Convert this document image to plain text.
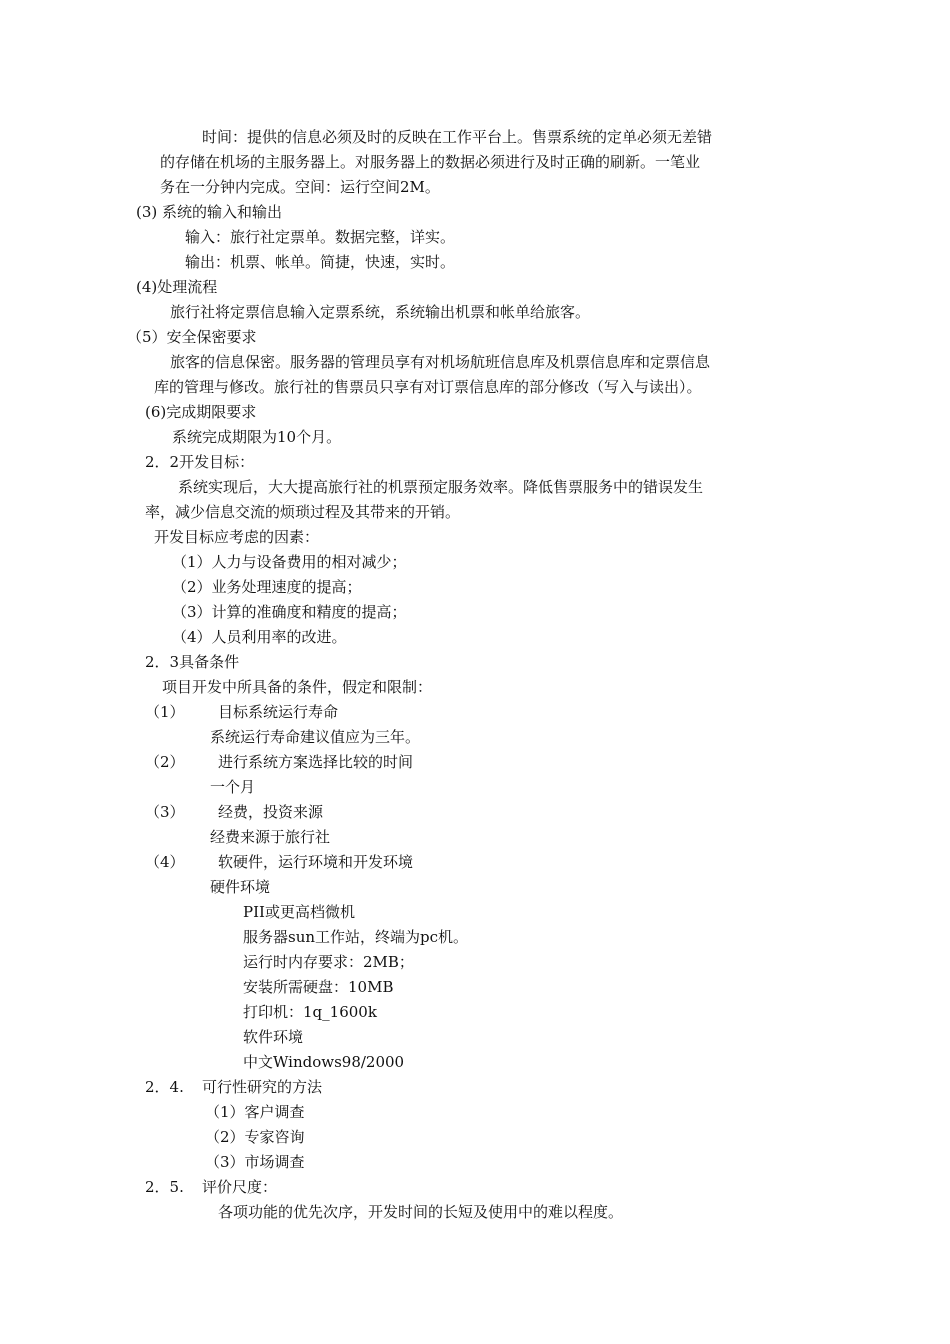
时间：提供的信息必须及时的反映在工作平台上。售票系统的定单必须无差错
的存储在机场的主服务器上。对服务器上的数据必须进行及时正确的刷新。一笔业
务在一分钟内完成。空间：运行空间2M。
(3) 系统的输入和输出
输入：旅行社定票单。数据完整，详实。
输出：机票、帐单。简捷，快速，实时。
(4)处理流程
旅行社将定票信息输入定票系统，系统输出机票和帐单给旅客。
（5）安全保密要求
旅客的信息保密。服务器的管理员享有对机场航班信息库及机票信息库和定票信息
库的管理与修改。旅行社的售票员只享有对订票信息库的部分修改（写入与读出）。
(6)完成期限要求
系统完成期限为10个月。
2．2开发目标：
系统实现后，大大提高旅行社的机票预定服务效率。降低售票服务中的错误发生
率，减少信息交流的烦琐过程及其带来的开销。
开发目标应考虑的因素：
（1）人力与设备费用的相对减少；
（2）业务处理速度的提高；
（3）计算的准确度和精度的提高；
（4）人员利用率的改进。
2．3具备条件
项目开发中所具备的条件，假定和限制：
（1） 目标系统运行寿命
系统运行寿命建议值应为三年。
（2） 进行系统方案选择比较的时间
一个月
（3） 经费，投资来源
经费来源于旅行社
（4） 软硬件，运行环境和开发环境
硬件环境
PII或更高档微机
服务器sun工作站，终端为pc机。
运行时内存要求：2MB；
安装所需硬盘：10MB
打印机：1q_1600k
软件环境
中文Windows98/2000
2．4. 可行性研究的方法
（1）客户调查
（2）专家咨询
（3）市场调查
2．5. 评价尺度：
各项功能的优先次序，开发时间的长短及使用中的难以程度。
